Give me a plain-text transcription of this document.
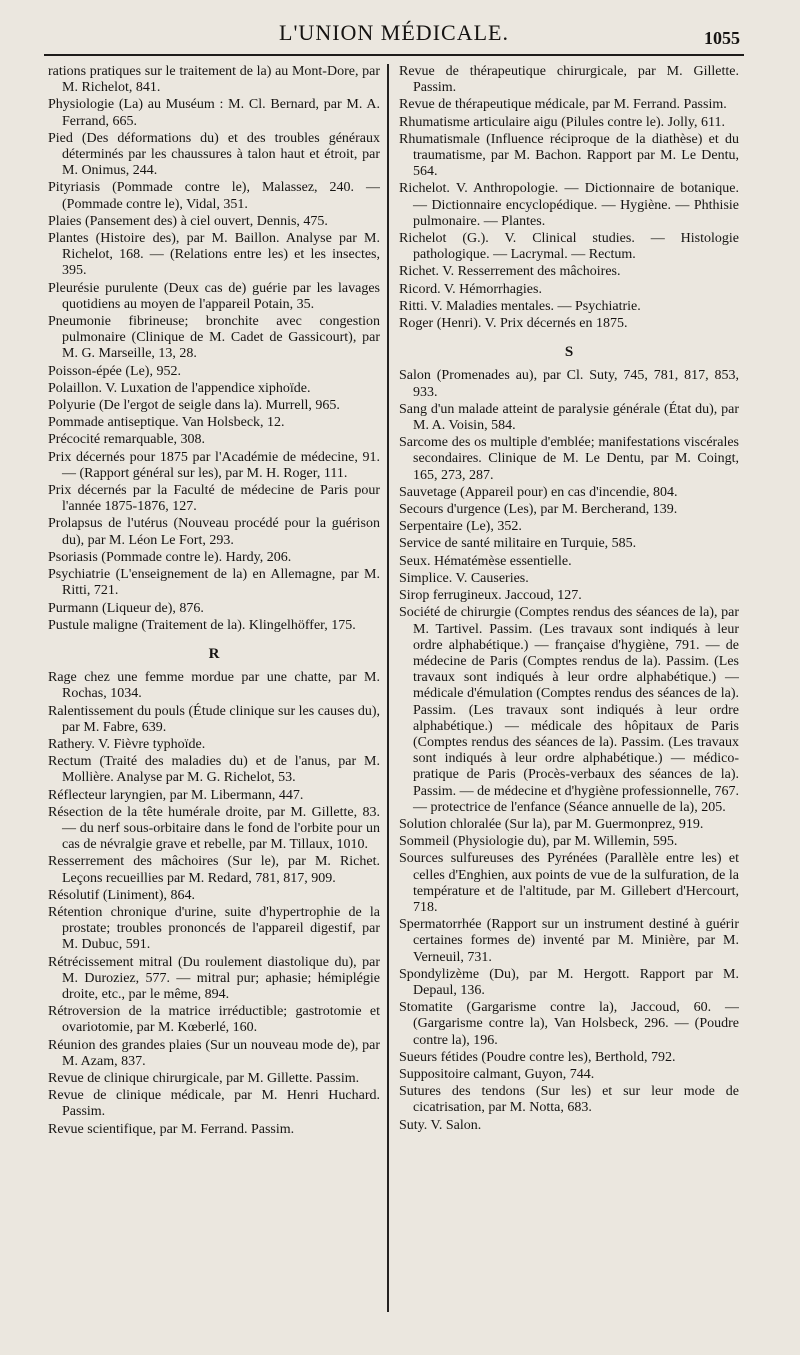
L'UNION MÉDICALE.	1055

rations pratiques sur le traitement de la) au Mont-Dore, par M. Richelot, 841.

Physiologie (La) au Muséum : M. Cl. Bernard, par M. A. Ferrand, 665.

Pied (Des déformations du) et des troubles généraux déterminés par les chaussures à talon haut et étroit, par M. Onimus, 244.

Pityriasis (Pommade contre le), Malassez, 240. — (Pommade contre le), Vidal, 351.

Plaies (Pansement des) à ciel ouvert, Dennis, 475.

Plantes (Histoire des), par M. Baillon. Analyse par M. Richelot, 168. — (Relations entre les) et les insectes, 395.

Pleurésie purulente (Deux cas de) guérie par les lavages quotidiens au moyen de l'appareil Potain, 35.

Pneumonie fibrineuse; bronchite avec congestion pulmonaire (Clinique de M. Cadet de Gassicourt), par M. G. Marseille, 13, 28.

Poisson-épée (Le), 952.

Polaillon. V. Luxation de l'appendice xiphoïde.

Polyurie (De l'ergot de seigle dans la). Murrell, 965.

Pommade antiseptique. Van Holsbeck, 12.

Précocité remarquable, 308.

Prix décernés pour 1875 par l'Académie de médecine, 91. — (Rapport général sur les), par M. H. Roger, 111.

Prix décernés par la Faculté de médecine de Paris pour l'année 1875-1876, 127.

Prolapsus de l'utérus (Nouveau procédé pour la guérison du), par M. Léon Le Fort, 293.

Psoriasis (Pommade contre le). Hardy, 206.

Psychiatrie (L'enseignement de la) en Allemagne, par M. Ritti, 721.

Purmann (Liqueur de), 876.

Pustule maligne (Traitement de la). Klingelhöffer, 175.

R

Rage chez une femme mordue par une chatte, par M. Rochas, 1034.

Ralentissement du pouls (Étude clinique sur les causes du), par M. Fabre, 639.

Rathery. V. Fièvre typhoïde.

Rectum (Traité des maladies du) et de l'anus, par M. Mollière. Analyse par M. G. Richelot, 53.

Réflecteur laryngien, par M. Libermann, 447.

Résection de la tête humérale droite, par M. Gillette, 83. — du nerf sous-orbitaire dans le fond de l'orbite pour un cas de névralgie grave et rebelle, par M. Tillaux, 1010.

Resserrement des mâchoires (Sur le), par M. Richet. Leçons recueillies par M. Redard, 781, 817, 909.

Résolutif (Liniment), 864.

Rétention chronique d'urine, suite d'hypertrophie de la prostate; troubles prononcés de l'appareil digestif, par M. Dubuc, 591.

Rétrécissement mitral (Du roulement diastolique du), par M. Duroziez, 577. — mitral pur; aphasie; hémiplégie droite, etc., par le même, 894.

Rétroversion de la matrice irréductible; gastrotomie et ovariotomie, par M. Kœberlé, 160.

Réunion des grandes plaies (Sur un nouveau mode de), par M. Azam, 837.

Revue de clinique chirurgicale, par M. Gillette. Passim.

Revue de clinique médicale, par M. Henri Huchard. Passim.

Revue scientifique, par M. Ferrand. Passim.

Revue de thérapeutique chirurgicale, par M. Gillette. Passim.

Revue de thérapeutique médicale, par M. Ferrand. Passim.

Rhumatisme articulaire aigu (Pilules contre le). Jolly, 611.

Rhumatismale (Influence réciproque de la diathèse) et du traumatisme, par M. Bachon. Rapport par M. Le Dentu, 564.

Richelot. V. Anthropologie. — Dictionnaire de botanique. — Dictionnaire encyclopédique. — Hygiène. — Phthisie pulmonaire. — Plantes.

Richelot (G.). V. Clinical studies. — Histologie pathologique. — Lacrymal. — Rectum.

Richet. V. Resserrement des mâchoires.

Ricord. V. Hémorrhagies.

Ritti. V. Maladies mentales. — Psychiatrie.

Roger (Henri). V. Prix décernés en 1875.

S

Salon (Promenades au), par Cl. Suty, 745, 781, 817, 853, 933.

Sang d'un malade atteint de paralysie générale (État du), par M. A. Voisin, 584.

Sarcome des os multiple d'emblée; manifestations viscérales secondaires. Clinique de M. Le Dentu, par M. Coingt, 165, 273, 287.

Sauvetage (Appareil pour) en cas d'incendie, 804.

Secours d'urgence (Les), par M. Bercherand, 139.

Serpentaire (Le), 352.

Service de santé militaire en Turquie, 585.

Seux. Hématémèse essentielle.

Simplice. V. Causeries.

Sirop ferrugineux. Jaccoud, 127.

Société de chirurgie (Comptes rendus des séances de la), par M. Tartivel. Passim. (Les travaux sont indiqués à leur ordre alphabétique.) — française d'hygiène, 791. — de médecine de Paris (Comptes rendus de la). Passim. (Les travaux sont indiqués à leur ordre alphabétique.) — médicale d'émulation (Comptes rendus des séances de la). Passim. (Les travaux sont indiqués à leur ordre alphabétique.) — médicale des hôpitaux de Paris (Comptes rendus des séances de la). Passim. (Les travaux sont indiqués à leur ordre alphabétique.) — médico-pratique de Paris (Procès-verbaux des séances de la). Passim. — de médecine et d'hygiène professionnelle, 767. — protectrice de l'enfance (Séance annuelle de la), 205.

Solution chloralée (Sur la), par M. Guermonprez, 919.

Sommeil (Physiologie du), par M. Willemin, 595.

Sources sulfureuses des Pyrénées (Parallèle entre les) et celles d'Enghien, aux points de vue de la sulfuration, de la température et de l'altitude, par M. Gillebert d'Hercourt, 718.

Spermatorrhée (Rapport sur un instrument destiné à guérir certaines formes de) inventé par M. Minière, par M. Verneuil, 731.

Spondylizème (Du), par M. Hergott. Rapport par M. Depaul, 136.

Stomatite (Gargarisme contre la), Jaccoud, 60. — (Gargarisme contre la), Van Holsbeck, 296. — (Poudre contre la), 196.

Sueurs fétides (Poudre contre les), Berthold, 792.

Suppositoire calmant, Guyon, 744.

Sutures des tendons (Sur les) et sur leur mode de cicatrisation, par M. Notta, 683.

Suty. V. Salon.
